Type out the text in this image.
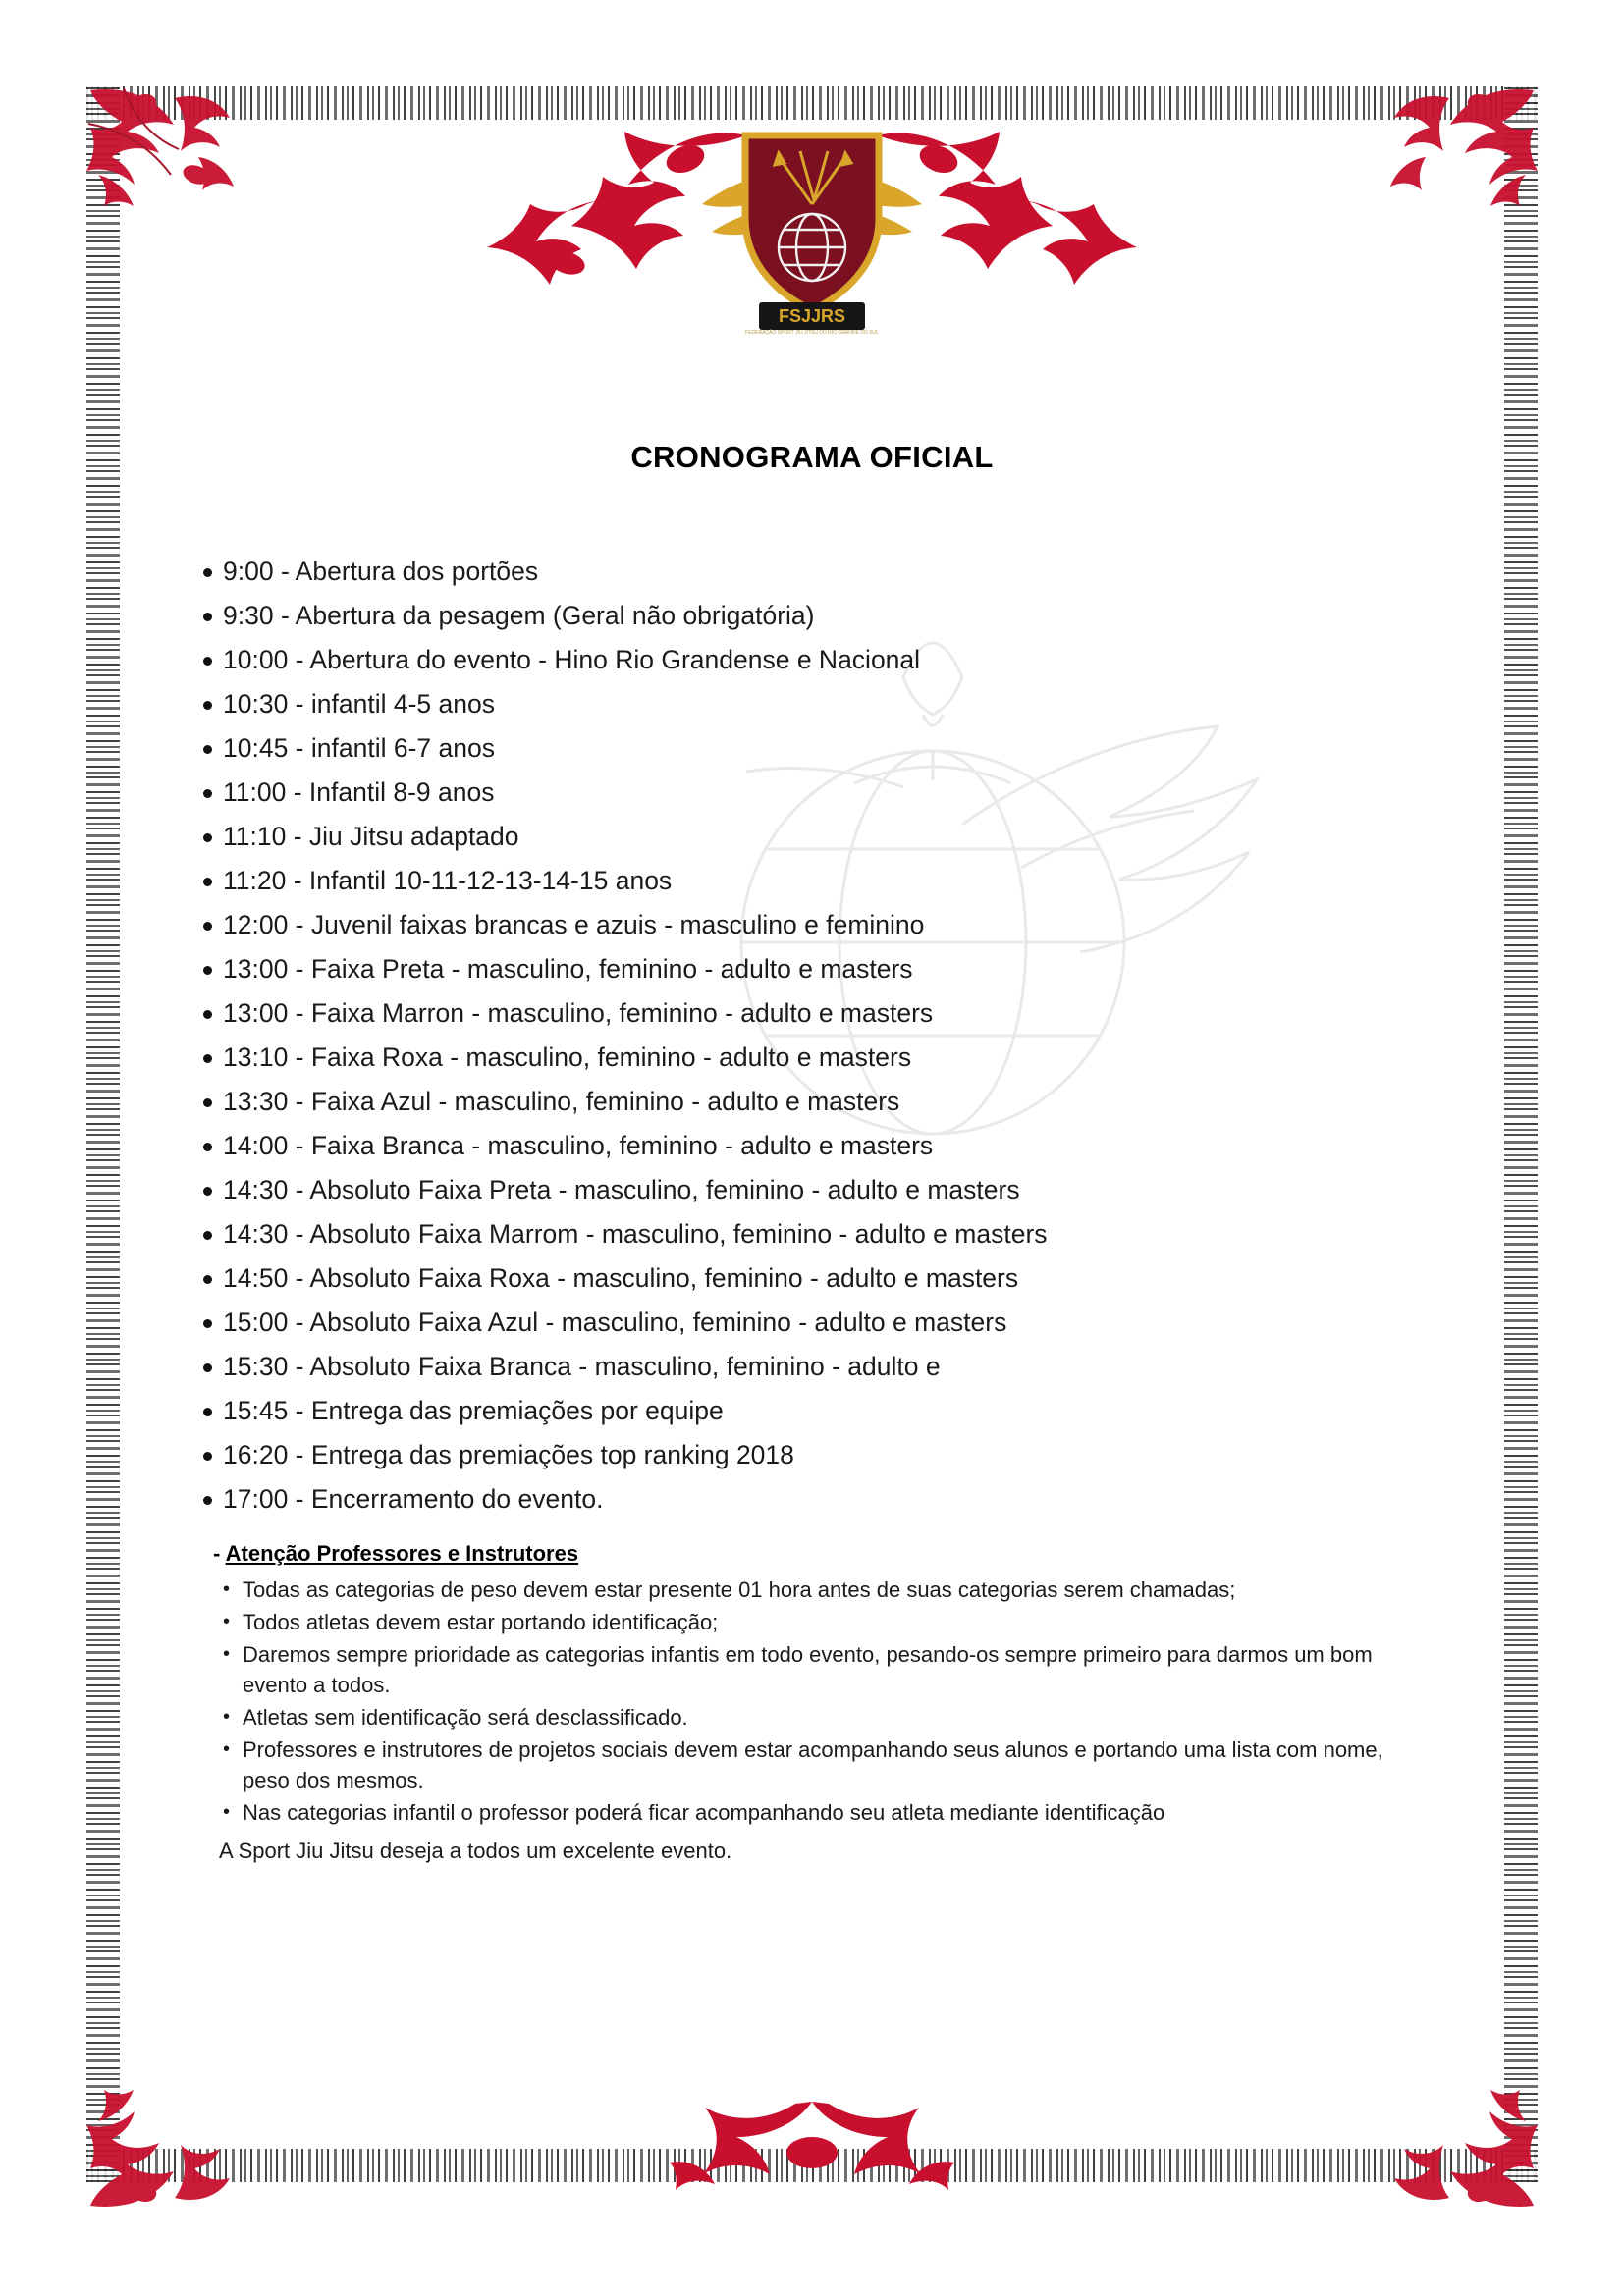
FSJJRS
FEDERAÇÃO SPORT JIU JITSU DO RIO GRANDE DO SUL
CRONOGRAMA OFICIAL
9:00 - Abertura dos portões
9:30 - Abertura da pesagem (Geral não obrigatória)
10:00 - Abertura do evento - Hino Rio Grandense e Nacional
10:30 - infantil 4-5 anos
10:45 - infantil 6-7 anos
11:00 - Infantil 8-9 anos
11:10 - Jiu Jitsu adaptado
11:20 - Infantil 10-11-12-13-14-15 anos
12:00 - Juvenil faixas brancas e azuis - masculino e feminino
13:00 - Faixa Preta - masculino, feminino - adulto e masters
13:00 - Faixa Marron - masculino, feminino - adulto e masters
13:10 - Faixa Roxa - masculino, feminino - adulto e masters
13:30 - Faixa Azul - masculino, feminino - adulto e masters
14:00 - Faixa Branca - masculino, feminino - adulto e masters
14:30 - Absoluto Faixa Preta - masculino, feminino - adulto e masters
14:30 - Absoluto Faixa Marrom - masculino, feminino - adulto e masters
14:50 - Absoluto Faixa Roxa - masculino, feminino - adulto e masters
15:00 - Absoluto Faixa Azul - masculino, feminino - adulto e masters
15:30 - Absoluto Faixa Branca - masculino, feminino - adulto e
15:45 - Entrega das premiações por equipe
16:20 - Entrega das premiações top ranking 2018
17:00 - Encerramento do evento.
- Atenção Professores e Instrutores
• Todas as categorias de peso devem estar presente 01 hora antes de suas categorias serem chamadas;
• Todos atletas devem estar portando identificação;
• Daremos sempre prioridade as categorias infantis em todo evento, pesando-os sempre primeiro para darmos um bom evento a todos.
• Atletas sem identificação será desclassificado.
• Professores e instrutores de projetos sociais devem estar acompanhando seus alunos e portando uma lista com nome, peso dos mesmos.
• Nas categorias infantil o professor poderá ficar acompanhando seu atleta mediante identificação
A Sport Jiu Jitsu deseja a todos um excelente evento.
